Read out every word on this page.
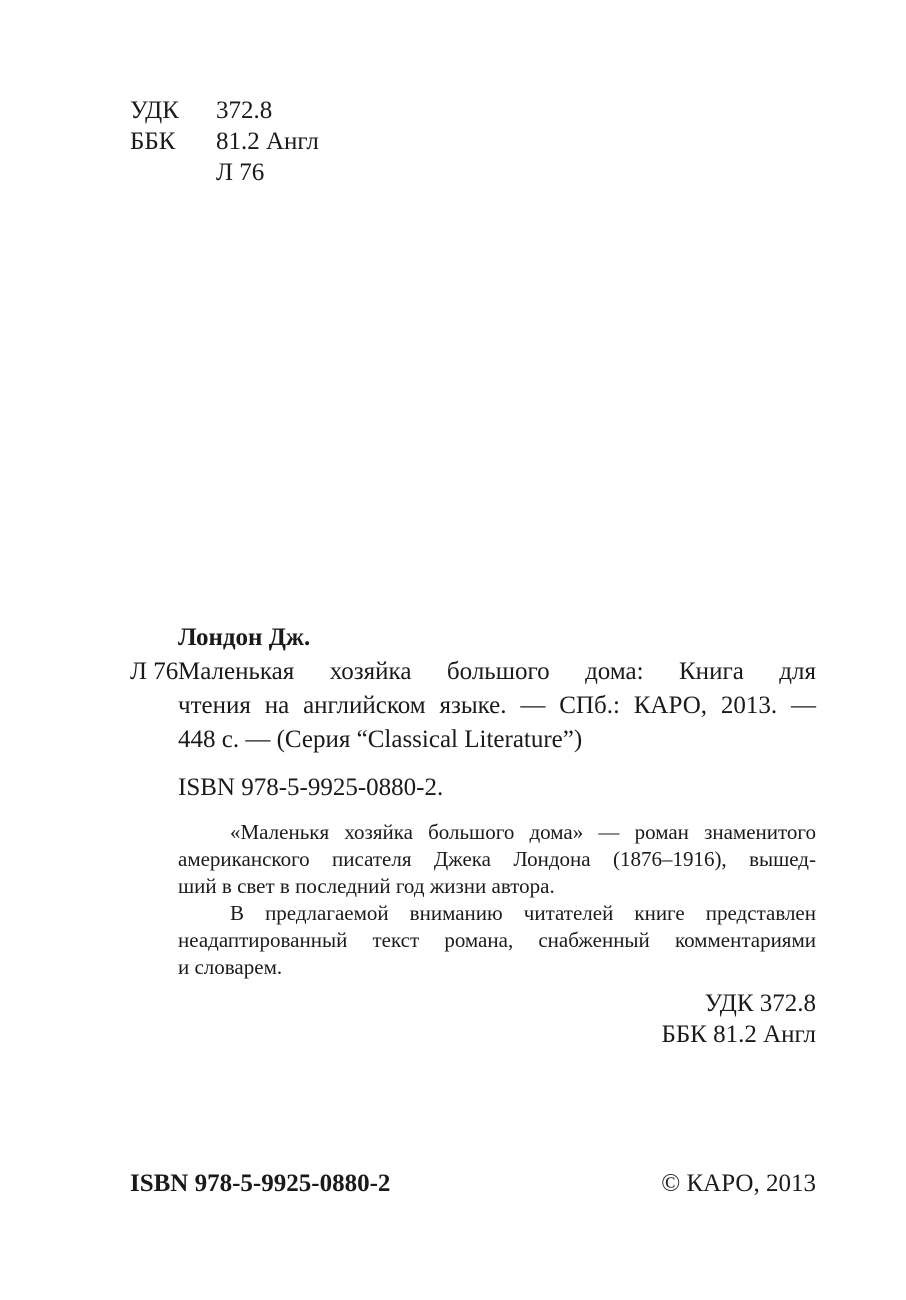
УДК 372.8
ББК 81.2 Англ
Л 76
Лондон Дж.
Л 76 Маленькая хозяйка большого дома: Книга для
чтения на английском языке. — СПб.: КАРО, 2013. —
448 с. — (Серия “Classical Literature”)
ISBN 978-5-9925-0880-2.
«Маленькя хозяйка большого дома» — роман знаменитого
американского писателя Джека Лондона (1876–1916), вышед-
ший в свет в последний год жизни автора.
В предлагаемой вниманию читателей книге представлен
неадаптированный текст романа, снабженный комментариями
и словарем.
УДК 372.8
ББК 81.2 Англ
ISBN 978-5-9925-0880-2	© КАРО, 2013
